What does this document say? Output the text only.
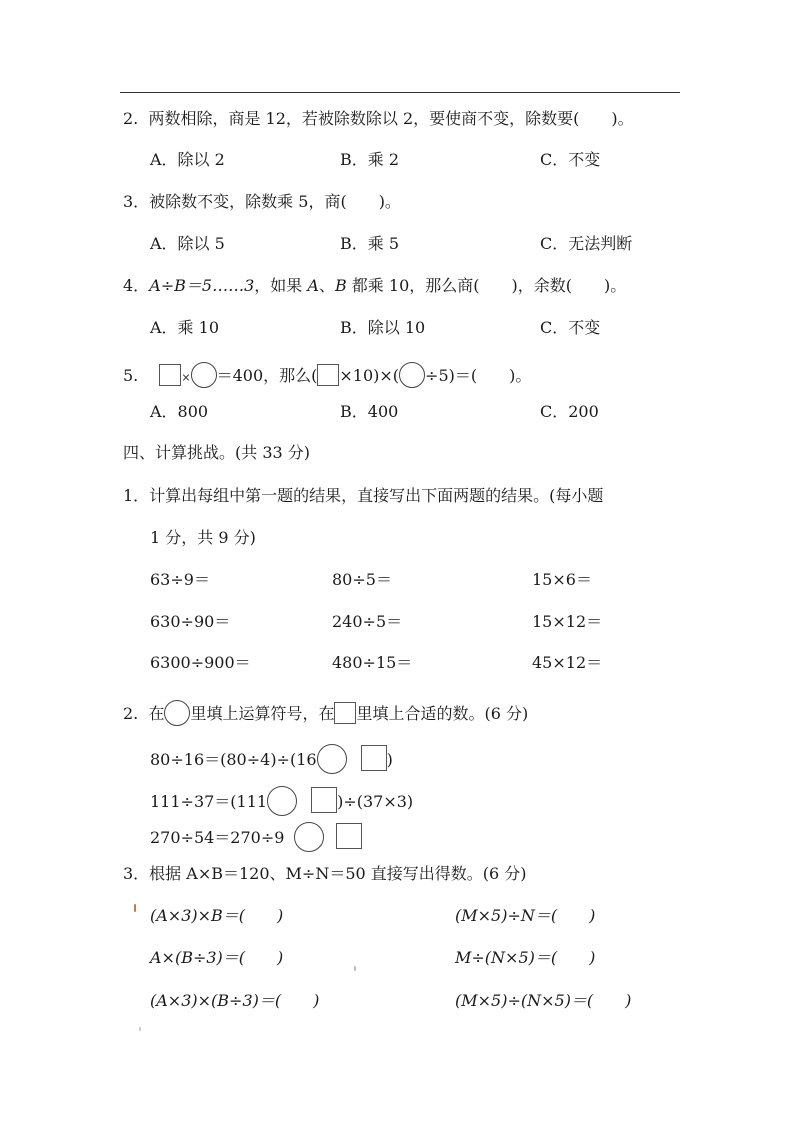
2.  两数相除，商是 12，若被除数除以 2，要使商不变，除数要(　　)。
A．除以 2	B．乘 2	C．不变
3．被除数不变，除数乘 5，商(　　)。
A．除以 5	B．乘 5	C．无法判断
4．A÷B＝5……3，如果 A、B 都乘 10，那么商(　　)，余数(　　)。
A．乘 10	B．除以 10	C．不变
5.	× ＝400，那么( ×10)×( ÷5)＝(　　)。
A．800	B．400	C．200
四、计算挑战。(共 33 分)
1．计算出每组中第一题的结果，直接写出下面两题的结果。(每小题
1 分，共 9 分)
63÷9＝	80÷5＝	15×6＝
630÷90＝	240÷5＝	15×12＝
6300÷900＝	480÷15＝	45×12＝
2.  在 里填上运算符号，在 里填上合适的数。(6 分)
80÷16＝(80÷4)÷(16	)
111÷37＝(111	)÷(37×3)
270÷54＝270÷9
3．根据 A×B＝120、M÷N＝50 直接写出得数。(6 分)
(A×3)×B＝(　　)	(M×5)÷N＝(　　)
A×(B÷3)＝(　　)	M÷(N×5)＝(　　)
(A×3)×(B÷3)＝(　　)	(M×5)÷(N×5)＝(　　)
